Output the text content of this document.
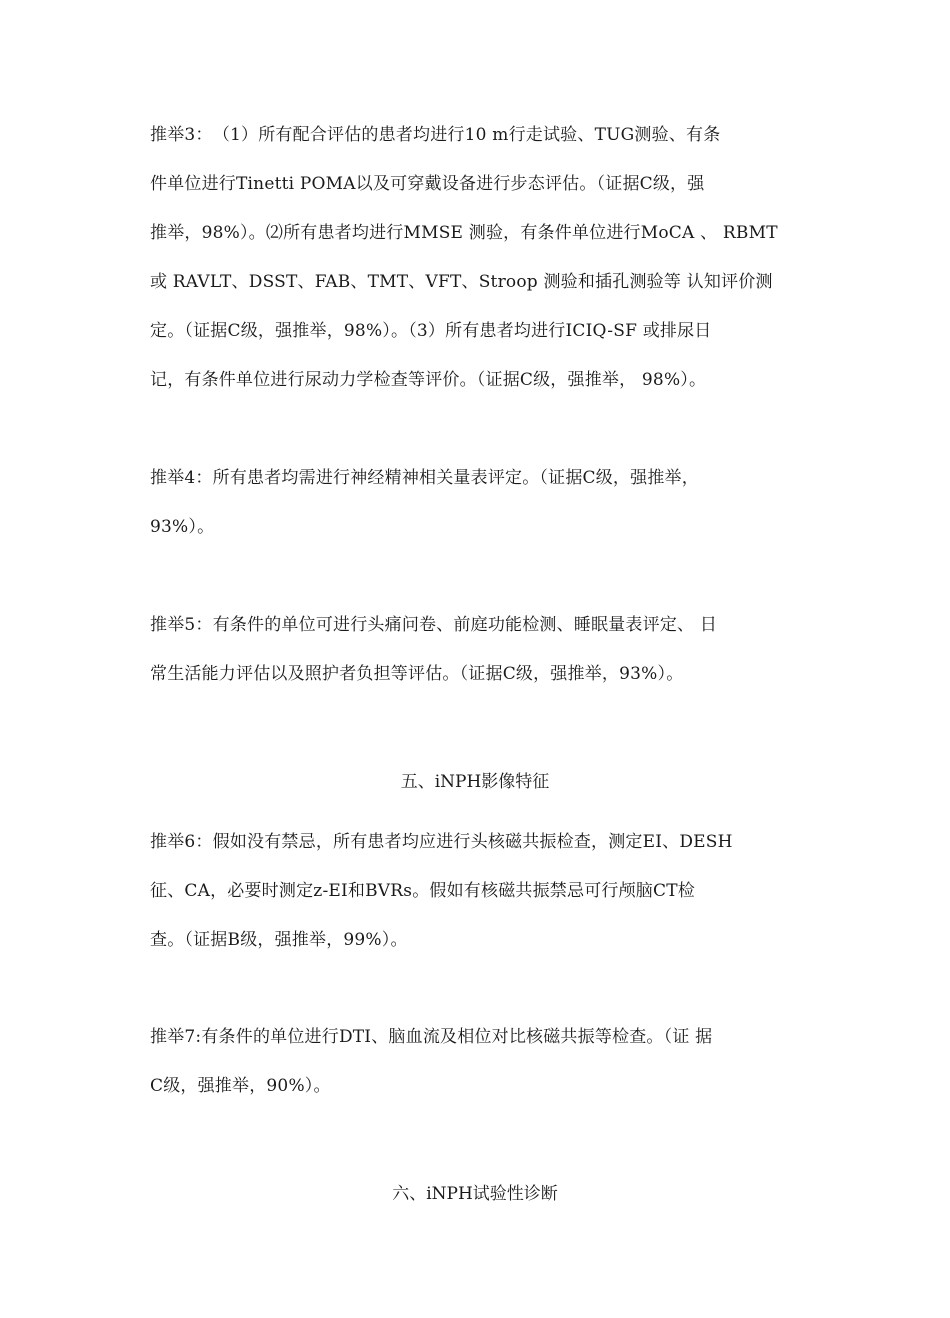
推举3：　（1）所有配合评估的患者均进行10 m行走试验、TUG测验、有条
件单位进行Tinetti POMA以及可穿戴设备进行步态评估。（证据C级，强
推举，98%）。⑵所有患者均进行MMSE 测验，有条件单位进行MoCA 、 RBMT
或 RAVLT、DSST、FAB、TMT、VFT、Stroop 测验和插孔测验等 认知评价测
定。（证据C级，强推举，98%）。（3）所有患者均进行ICIQ-SF 或排尿日
记，有条件单位进行尿动力学检查等评价。（证据C级，强推举， 98%）。
推举4：所有患者均需进行神经精神相关量表评定。（证据C级，强推举，
93%）。
推举5：有条件的单位可进行头痛问卷、前庭功能检测、睡眠量表评定、 日
常生活能力评估以及照护者负担等评估。（证据C级，强推举，93%）。
五、iNPH影像特征
推举6：假如没有禁忌，所有患者均应进行头核磁共振检查，测定EI、DESH
征、CA，必要时测定z-EI和BVRs。假如有核磁共振禁忌可行颅脑CT检
查。（证据B级，强推举，99%）。
推举7:有条件的单位进行DTI、脑血流及相位对比核磁共振等检查。（证 据
C级，强推举，90%）。
六、iNPH试验性诊断
